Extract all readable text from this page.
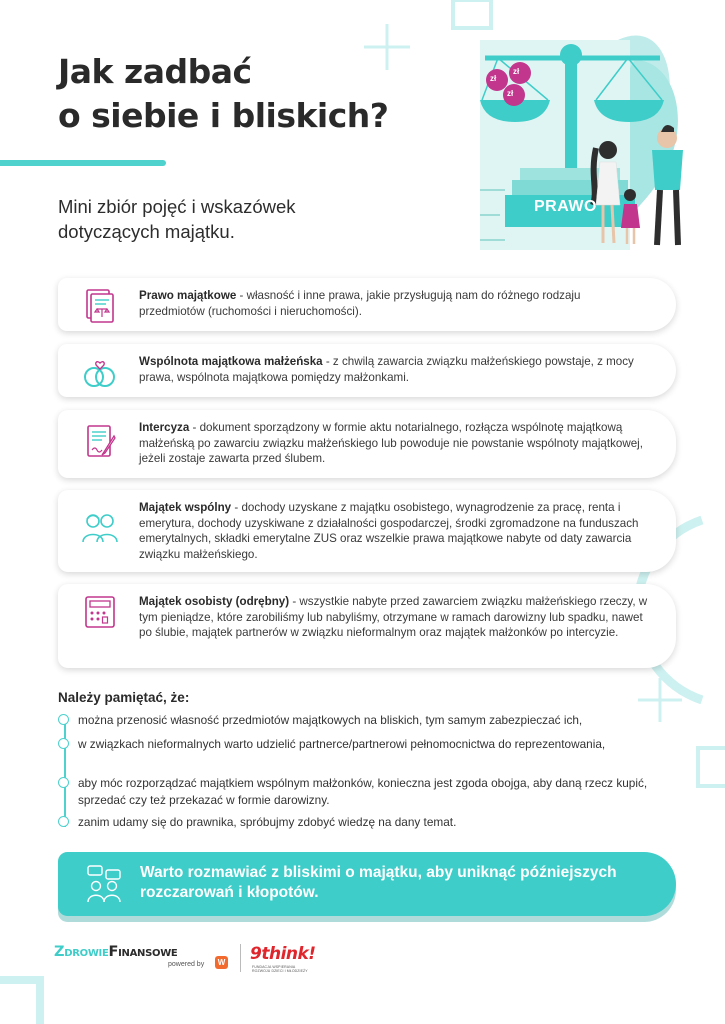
Jak zadbać
o siebie i bliskich?
Mini zbiór pojęć i wskazówek
dotyczących majątku.
zł
zł
zł
PRAWO
Prawo majątkowe - własność i inne prawa, jakie przysługują nam do różnego rodzaju przedmiotów (ruchomości i nieruchomości).
Wspólnota majątkowa małżeńska - z chwilą zawarcia związku małżeńskiego powstaje, z mocy prawa, wspólnota majątkowa pomiędzy małżonkami.
Intercyza - dokument sporządzony w formie aktu notarialnego, rozłącza wspólnotę majątkową małżeńską po zawarciu związku małżeńskiego lub powoduje nie powstanie wspólnoty majątkowej, jeżeli zostaje zawarta przed ślubem.
Majątek wspólny - dochody uzyskane z majątku osobistego, wynagrodzenie za pracę, renta i emerytura, dochody uzyskiwane z działalności gospodarczej, środki zgromadzone na funduszach emerytalnych, składki emerytalne ZUS oraz wszelkie prawa majątkowe nabyte od daty zawarcia związku małżeńskiego.
Majątek osobisty (odrębny) - wszystkie nabyte przed zawarciem związku małżeńskiego rzeczy, w tym pieniądze, które zarobiliśmy lub nabyliśmy, otrzymane w ramach darowizny lub spadku, nawet po ślubie, majątek partnerów w związku nieformalnym oraz majątek małżonków po intercyzie.
Należy pamiętać, że:
można przenosić własność przedmiotów majątkowych na bliskich, tym samym zabezpieczać ich,
w związkach nieformalnych warto udzielić partnerce/partnerowi pełnomocnictwa do reprezentowania,
aby móc rozporządzać majątkiem wspólnym małżonków, konieczna jest zgoda obojga, aby daną rzecz kupić, sprzedać czy też przekazać w formie darowizny.
zanim udamy się do prawnika, spróbujmy zdobyć wiedzę na dany temat.
Warto rozmawiać z bliskimi o majątku, aby uniknąć późniejszych rozczarowań i kłopotów.
ZdrowieFinansowe
powered by	W 9think!
FUNDACJA WSPIERANIA ROZWOJU DZIECI I MŁODZIEŻY
